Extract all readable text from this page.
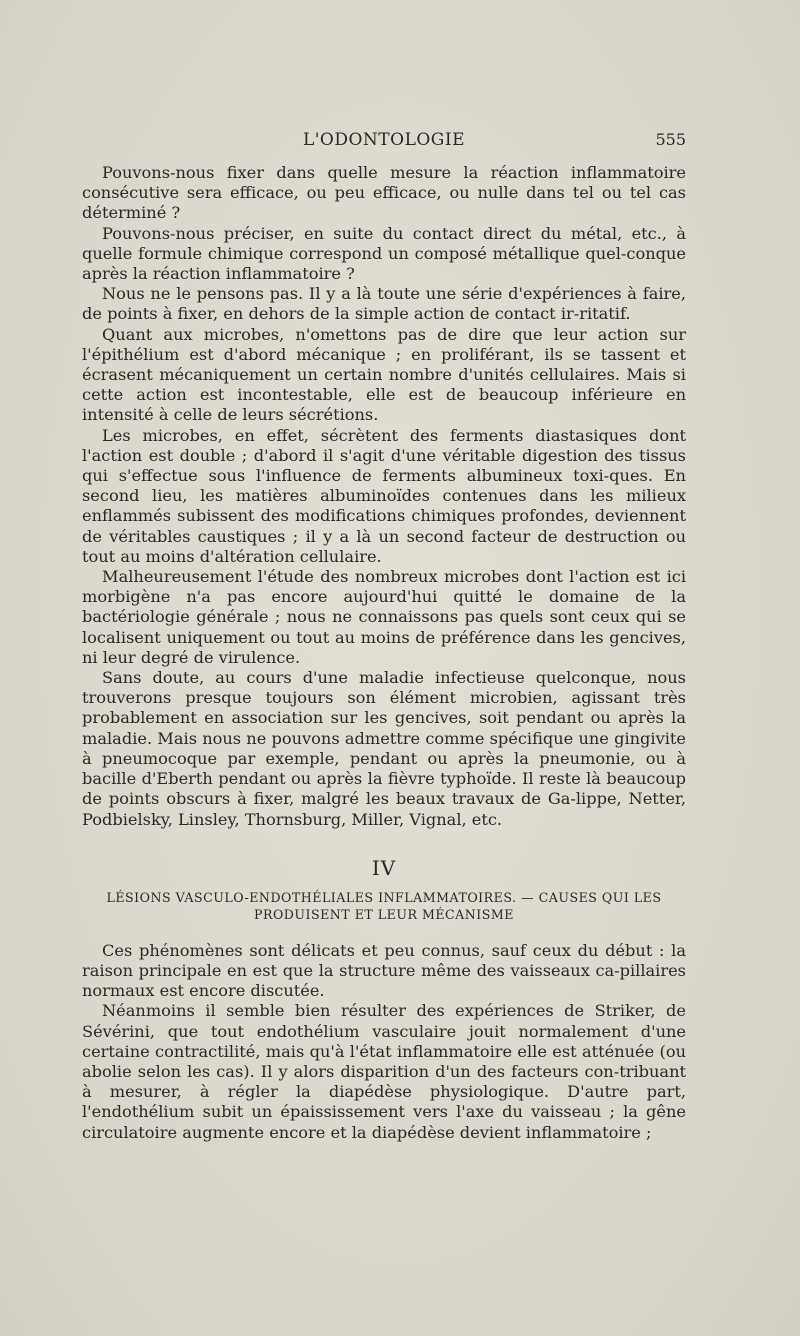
L'ODONTOLOGIE	555

Pouvons-nous fixer dans quelle mesure la réaction inflammatoire consécutive sera efficace, ou peu efficace, ou nulle dans tel ou tel cas déterminé ?

Pouvons-nous préciser, en suite du contact direct du métal, etc., à quelle formule chimique correspond un composé métallique quel-conque après la réaction inflammatoire ?

Nous ne le pensons pas. Il y a là toute une série d'expériences à faire, de points à fixer, en dehors de la simple action de contact ir-ritatif.

Quant aux microbes, n'omettons pas de dire que leur action sur l'épithélium est d'abord mécanique ; en proliférant, ils se tassent et écrasent mécaniquement un certain nombre d'unités cellulaires. Mais si cette action est incontestable, elle est de beaucoup inférieure en intensité à celle de leurs sécrétions.

Les microbes, en effet, sécrètent des ferments diastasiques dont l'action est double ; d'abord il s'agit d'une véritable digestion des tissus qui s'effectue sous l'influence de ferments albumineux toxi-ques. En second lieu, les matières albuminoïdes contenues dans les milieux enflammés subissent des modifications chimiques profondes, deviennent de véritables caustiques ; il y a là un second facteur de destruction ou tout au moins d'altération cellulaire.

Malheureusement l'étude des nombreux microbes dont l'action est ici morbigène n'a pas encore aujourd'hui quitté le domaine de la bactériologie générale ; nous ne connaissons pas quels sont ceux qui se localisent uniquement ou tout au moins de préférence dans les gencives, ni leur degré de virulence.

Sans doute, au cours d'une maladie infectieuse quelconque, nous trouverons presque toujours son élément microbien, agissant très probablement en association sur les gencives, soit pendant ou après la maladie. Mais nous ne pouvons admettre comme spécifique une gingivite à pneumocoque par exemple, pendant ou après la pneumonie, ou à bacille d'Eberth pendant ou après la fièvre typhoïde. Il reste là beaucoup de points obscurs à fixer, malgré les beaux travaux de Ga-lippe, Netter, Podbielsky, Linsley, Thornsburg, Miller, Vignal, etc.

IV
LÉSIONS VASCULO-ENDOTHÉLIALES INFLAMMATOIRES. — CAUSES QUI LES PRODUISENT ET LEUR MÉCANISME

Ces phénomènes sont délicats et peu connus, sauf ceux du début : la raison principale en est que la structure même des vaisseaux ca-pillaires normaux est encore discutée.

Néanmoins il semble bien résulter des expériences de Striker, de Sévérini, que tout endothélium vasculaire jouit normalement d'une certaine contractilité, mais qu'à l'état inflammatoire elle est atténuée (ou abolie selon les cas). Il y alors disparition d'un des facteurs con-tribuant à mesurer, à régler la diapédèse physiologique. D'autre part, l'endothélium subit un épaississement vers l'axe du vaisseau ; la gêne circulatoire augmente encore et la diapédèse devient inflammatoire ;
